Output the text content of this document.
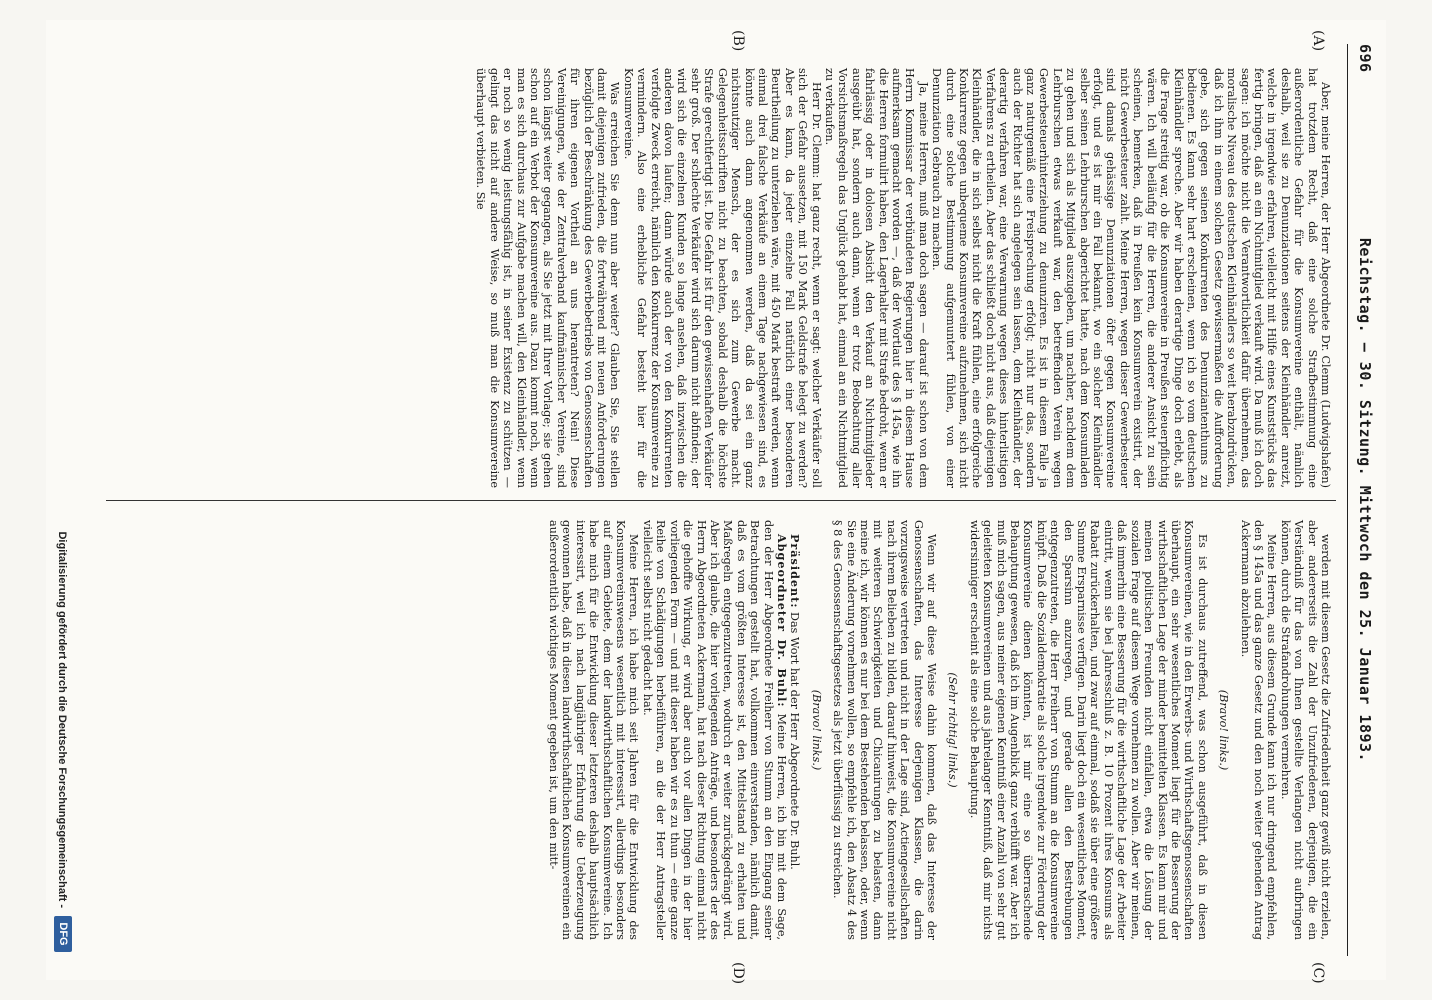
696
Reichstag. — 30. Sitzung. Mittwoch den 25. Januar 1893.
(A)
(B)
(C)
(D)

Aber, meine Herren, der Herr Abgeordnete Dr. Clemm (Ludwigshafen) hat trotzdem Recht, daß eine solche Strafbestimmung eine außerordentliche Gefahr für die Konsumvereine enthält, nämlich deshalb, weil sie zu Denunziationen seitens der Kleinhändler anreizt, welche in irgendwie erfahren, vielleicht mit Hilfe eines Kunststücks das fertig bringen, daß an ein Nichtmitglied verkauft wird. Da muß ich doch sagen: ich möchte nicht die Verantwortlichkeit dafür übernehmen, das moralische Niveau des deutschen Kleinhändlers so weit herabzudrücken, daß ich ihm in einem solchen Gesetz gewissermaßen die Aufforderung gebe, sich gegen seinen Konkurrenten des Denunziantenthums zu bedienen. Es kann sehr hart erscheinen, wenn ich so vom deutschen Kleinhändler spreche. Aber wir haben derartige Dinge doch erlebt, als die Frage streitig war, ob die Konsumvereine in Preußen steuerpflichtig wären. Ich will beiläufig für die Herren, die anderer Ansicht zu sein scheinen, bemerken, daß in Preußen kein Konsumverein existirt, der nicht Gewerbesteuer zahlt. Meine Herren, wegen dieser Gewerbesteuer sind damals gehässige Denunziationen öfter gegen Konsumvereine erfolgt, und es ist mir ein Fall bekannt, wo ein solcher Kleinhändler selber seinen Lehrburschen abgerichtet hatte, nach dem Konsumladen zu gehen und sich als Mitglied auszugeben, um nachher, nachdem dem Lehrburschen etwas verkauft war, den betreffenden Verein wegen Gewerbesteuerhinterziehung zu denunziren. Es ist in diesem Falle ja ganz naturgemäß eine Freisprechung erfolgt; nicht nur das, sondern auch der Richter hat sich angelegen sein lassen, dem Kleinhändler, der derartig verfahren war, eine Verwarnung wegen dieses hinterlistigen Verfahrens zu ertheilen. Aber das schließt doch nicht aus, daß diejenigen Kleinhändler, die in sich selbst nicht die Kraft fühlen, eine erfolgreiche Konkurrenz gegen unbequeme Konsumvereine aufzunehmen, sich nicht durch eine solche Bestimmung aufgemuntert fühlen, von einer Denunziation Gebrauch zu machen.

Ja, meine Herren, muß man doch sagen — darauf ist schon von dem Herrn Kommissar der verbündeten Regierungen hier in diesem Hause aufmerksam gemacht worden —, daß der Wortlaut des § 145a, wie ihn die Herren formulirt haben, den Lagerhalter mit Strafe bedroht, wenn er fahrlässig oder in dolosen Absicht den Verkauf an Nichtmitglieder ausgeübt hat, sondern auch dann, wenn er trotz Beobachtung aller Vorsichtsmaßregeln das Unglück gehabt hat, einmal an ein Nichtmitglied zu verkaufen.

Herr Dr. Clemm: hat ganz recht, wenn er sagt: welcher Verkäufer soll sich der Gefahr aussetzen, mit 150 Mark Geldstrafe belegt zu werden? Aber es kann, da jeder einzelne Fall natürlich einer besonderen Beurtheilung zu unterziehen wäre, mit 450 Mark bestraft werden, wenn einmal drei falsche Verkäufe an einem Tage nachgewiesen sind, es könnte auch dann angenommen werden, daß da sei ein ganz nichtsnutziger Mensch, der es sich zum Gewerbe macht. Gelegenheitsschriften nicht zu beachten, sobald deshalb die höchste Strafe gerechtfertigt ist. Die Gefahr ist für den gewissenhaften Verkäufer sehr groß. Der schlechte Verkäufer wird sich darum nicht abfinden; der wird sich die einzelnen Kunden so lange ansehen, daß inzwischen die anderen davon laufen; dann würde auch der von den Konkurrenten verfolgte Zweck erreicht, nämlich den Konkurrenz der Konsumvereine zu vermindern. Also eine erhebliche Gefahr besteht hier für die Konsumvereine.

Was erreichen Sie denn nun aber weiter? Glauben Sie, Sie stellen damit diejenigen zufrieden, die fortwährend mit neuen Anforderungen bezüglich der Beschränkung des Gewerbebetriebs von Genossenschaften für ihren eigenen Vortheil an uns herantreten? Nein! Diese Vereinigungen, wie der Zentralverband kaufmännischer Vereine, sind schon längst weiter gegangen, als Sie jetzt mit Ihrer Vorlage; sie gehen schon auf ein Verbot der Konsumvereine aus. Dazu kommt noch, wenn man es sich durchaus zur Aufgabe machen will, den Kleinhändler, wenn er noch so wenig leistungsfähig ist, in seiner Existenz zu schützen — gelingt das nicht auf andere Weise, so muß man die Konsumvereine überhaupt verbieten. Sie

werden mit diesem Gesetz die Zufriedenheit ganz gewiß nicht erzielen, aber andererseits die Zahl der Unzufriedenen, derjenigen, die ein Verständniß für das von Ihnen gestellte Verlangen nicht aufbringen können, durch die Strafandrohungen vermehren.

Meine Herren, aus diesem Grunde kann ich nur dringend empfehlen, den § 145a und das ganze Gesetz und den noch weiter gehenden Antrag Ackermann abzulehnen.

(Bravo! links.)

Es ist durchaus zutreffend, was schon ausgeführt, daß in diesen Konsumvereinen, wie in den Erwerbs- und Wirthschaftsgenossenschaften überhaupt, ein sehr wesentliches Moment liegt für die Besserung der wirthschaftlichen Lage der minder bemittelten Klassen. Es kann mir und meinen politischen Freunden nicht einfallen, etwa die Lösung der sozialen Frage auf diesem Wege vornehmen zu wollen. Aber wir meinen, daß immerhin eine Besserung für die wirthschaftliche Lage der Arbeiter eintritt, wenn sie bei Jahresschluß z. B. 10 Prozent ihres Konsums als Rabatt zurückerhalten, und zwar auf einmal, sodaß sie über eine größere Summe Ersparnisse verfügen. Darin liegt doch ein wesentliches Moment, den Sparsinn anzuregen, und gerade allen den Bestrebungen entgegenzutreten, die Herr Freiherr von Stumm an die Konsumvereine knüpft. Daß die Sozialdemokratie als solche irgendwie zur Förderung der Konsumvereine dienen könnten, ist mir eine so überraschende Behauptung gewesen, daß ich im Augenblick ganz verblüfft war. Aber ich muß mich sagen, aus meiner eigenen Kenntniß einer Anzahl von sehr gut geleiteten Konsumvereinen und aus jahrelanger Kenntniß, daß mir nichts widersinniger erscheint als eine solche Behauptung.

(Sehr richtig! links.)

Wenn wir auf diese Weise dahin kommen, daß das Interesse der Genossenschaften, das Interesse derjenigen Klassen, die darin vorzugsweise vertreten und nicht in der Lage sind, Actiengesellschaften nach ihrem Belieben zu bilden, darauf hinweist, die Konsumvereine nicht mit weiteren Schwierigkeiten und Chicanirungen zu belasten, dann meine ich, wir können es nur bei dem Bestehenden belassen, oder, wenn Sie eine Änderung vornehmen wollen, so empfehle ich, den Absatz 4 des § 8 des Genossenschaftsgesetzes als jetzt überflüssig zu streichen.

(Bravo! links.)

Präsident: Das Wort hat der Herr Abgeordnete Dr. Buhl.

Abgeordneter Dr. Buhl: Meine Herren, ich bin mit dem Sage, den der Herr Abgeordnete Freiherr von Stumm an den Eingang seiner Betrachtungen gestellt hat, vollkommen einverstanden, nämlich damit, daß es vom größten Interesse ist, den Mittelstand zu erhalten und Maßregeln entgegenzutreten, wodurch er weiter zurückgedrängt wird. Aber ich glaube, die hier vorliegenden Anträge, und besonders der des Herrn Abgeordneten Ackermann, hat nach dieser Richtung einmal nicht die gehoffte Wirkung, er wird aber auch vor allen Dingen in der hier vorliegenden Form — und mit dieser haben wir es zu thun — eine ganze Reihe von Schädigungen herbeiführen, an die der Herr Antragsteller vielleicht selbst nicht gedacht hat.

Meine Herren, ich habe mich seit Jahren für die Entwicklung des Konsumvereinswesens wesentlich mit interessirt, allerdings besonders auf einem Gebiete, dem der landwirthschaftlichen Konsumvereine. Ich habe mich für die Entwicklung dieser letzteren deshalb hauptsächlich interessirt, weil ich nach langjähriger Erfahrung die Ueberzeugung gewonnen habe, daß in diesen landwirthschaftlichen Konsumvereinen ein außerordentlich wichtiges Moment gegeben ist, um den mitt-

Digitalisierung gefördert durch die Deutsche Forschungsgemeinschaft -
DFG
